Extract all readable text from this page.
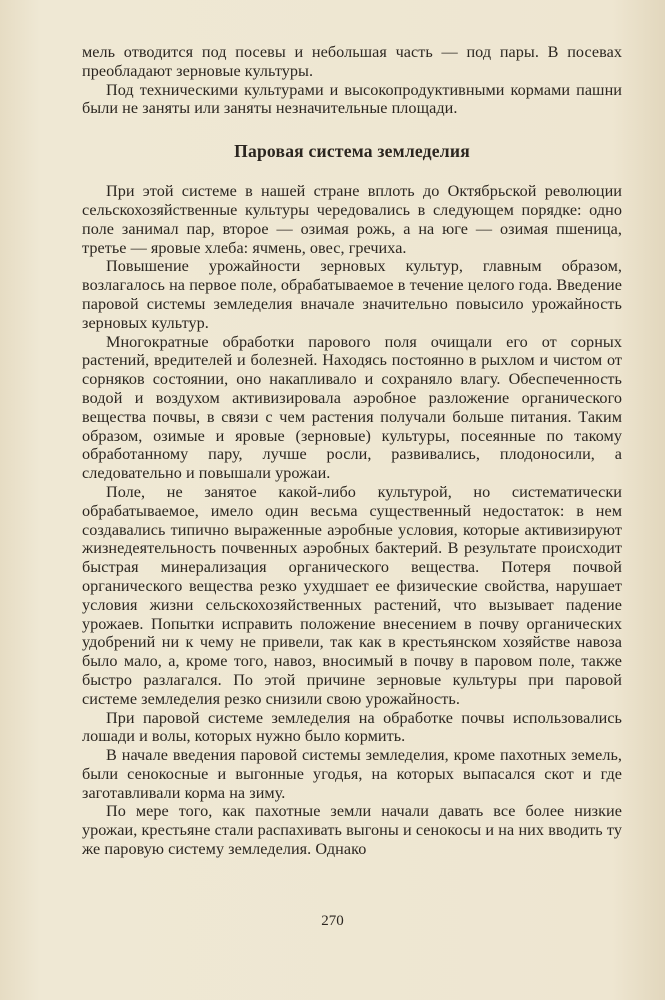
мель отводится под посевы и небольшая часть — под пары. В посевах преобладают зерновые культуры.

Под техническими культурами и высокопродуктивными кормами пашни были не заняты или заняты незначительные площади.

Паровая система земледелия

При этой системе в нашей стране вплоть до Октябрьской революции сельскохозяйственные культуры чередовались в следующем порядке: одно поле занимал пар, второе — озимая рожь, а на юге — озимая пшеница, третье — яровые хлеба: ячмень, овес, гречиха.

Повышение урожайности зерновых культур, главным образом, возлагалось на первое поле, обрабатываемое в течение целого года. Введение паровой системы земледелия вначале значительно повысило урожайность зерновых культур.

Многократные обработки парового поля очищали его от сорных растений, вредителей и болезней. Находясь постоянно в рыхлом и чистом от сорняков состоянии, оно накапливало и сохраняло влагу. Обеспеченность водой и воздухом активизировала аэробное разложение органического вещества почвы, в связи с чем растения получали больше питания. Таким образом, озимые и яровые (зерновые) культуры, посеянные по такому обработанному пару, лучше росли, развивались, плодоносили, а следовательно и повышали урожаи.

Поле, не занятое какой-либо культурой, но систематически обрабатываемое, имело один весьма существенный недостаток: в нем создавались типично выраженные аэробные условия, которые активизируют жизнедеятельность почвенных аэробных бактерий. В результате происходит быстрая минерализация органического вещества. Потеря почвой органического вещества резко ухудшает ее физические свойства, нарушает условия жизни сельскохозяйственных растений, что вызывает падение урожаев. Попытки исправить положение внесением в почву органических удобрений ни к чему не привели, так как в крестьянском хозяйстве навоза было мало, а, кроме того, навоз, вносимый в почву в паровом поле, также быстро разлагался. По этой причине зерновые культуры при паровой системе земледелия резко снизили свою урожайность.

При паровой системе земледелия на обработке почвы использовались лошади и волы, которых нужно было кормить.

В начале введения паровой системы земледелия, кроме пахотных земель, были сенокосные и выгонные угодья, на которых выпасался скот и где заготавливали корма на зиму.

По мере того, как пахотные земли начали давать все более низкие урожаи, крестьяне стали распахивать выгоны и сенокосы и на них вводить ту же паровую систему земледелия. Однако

270
